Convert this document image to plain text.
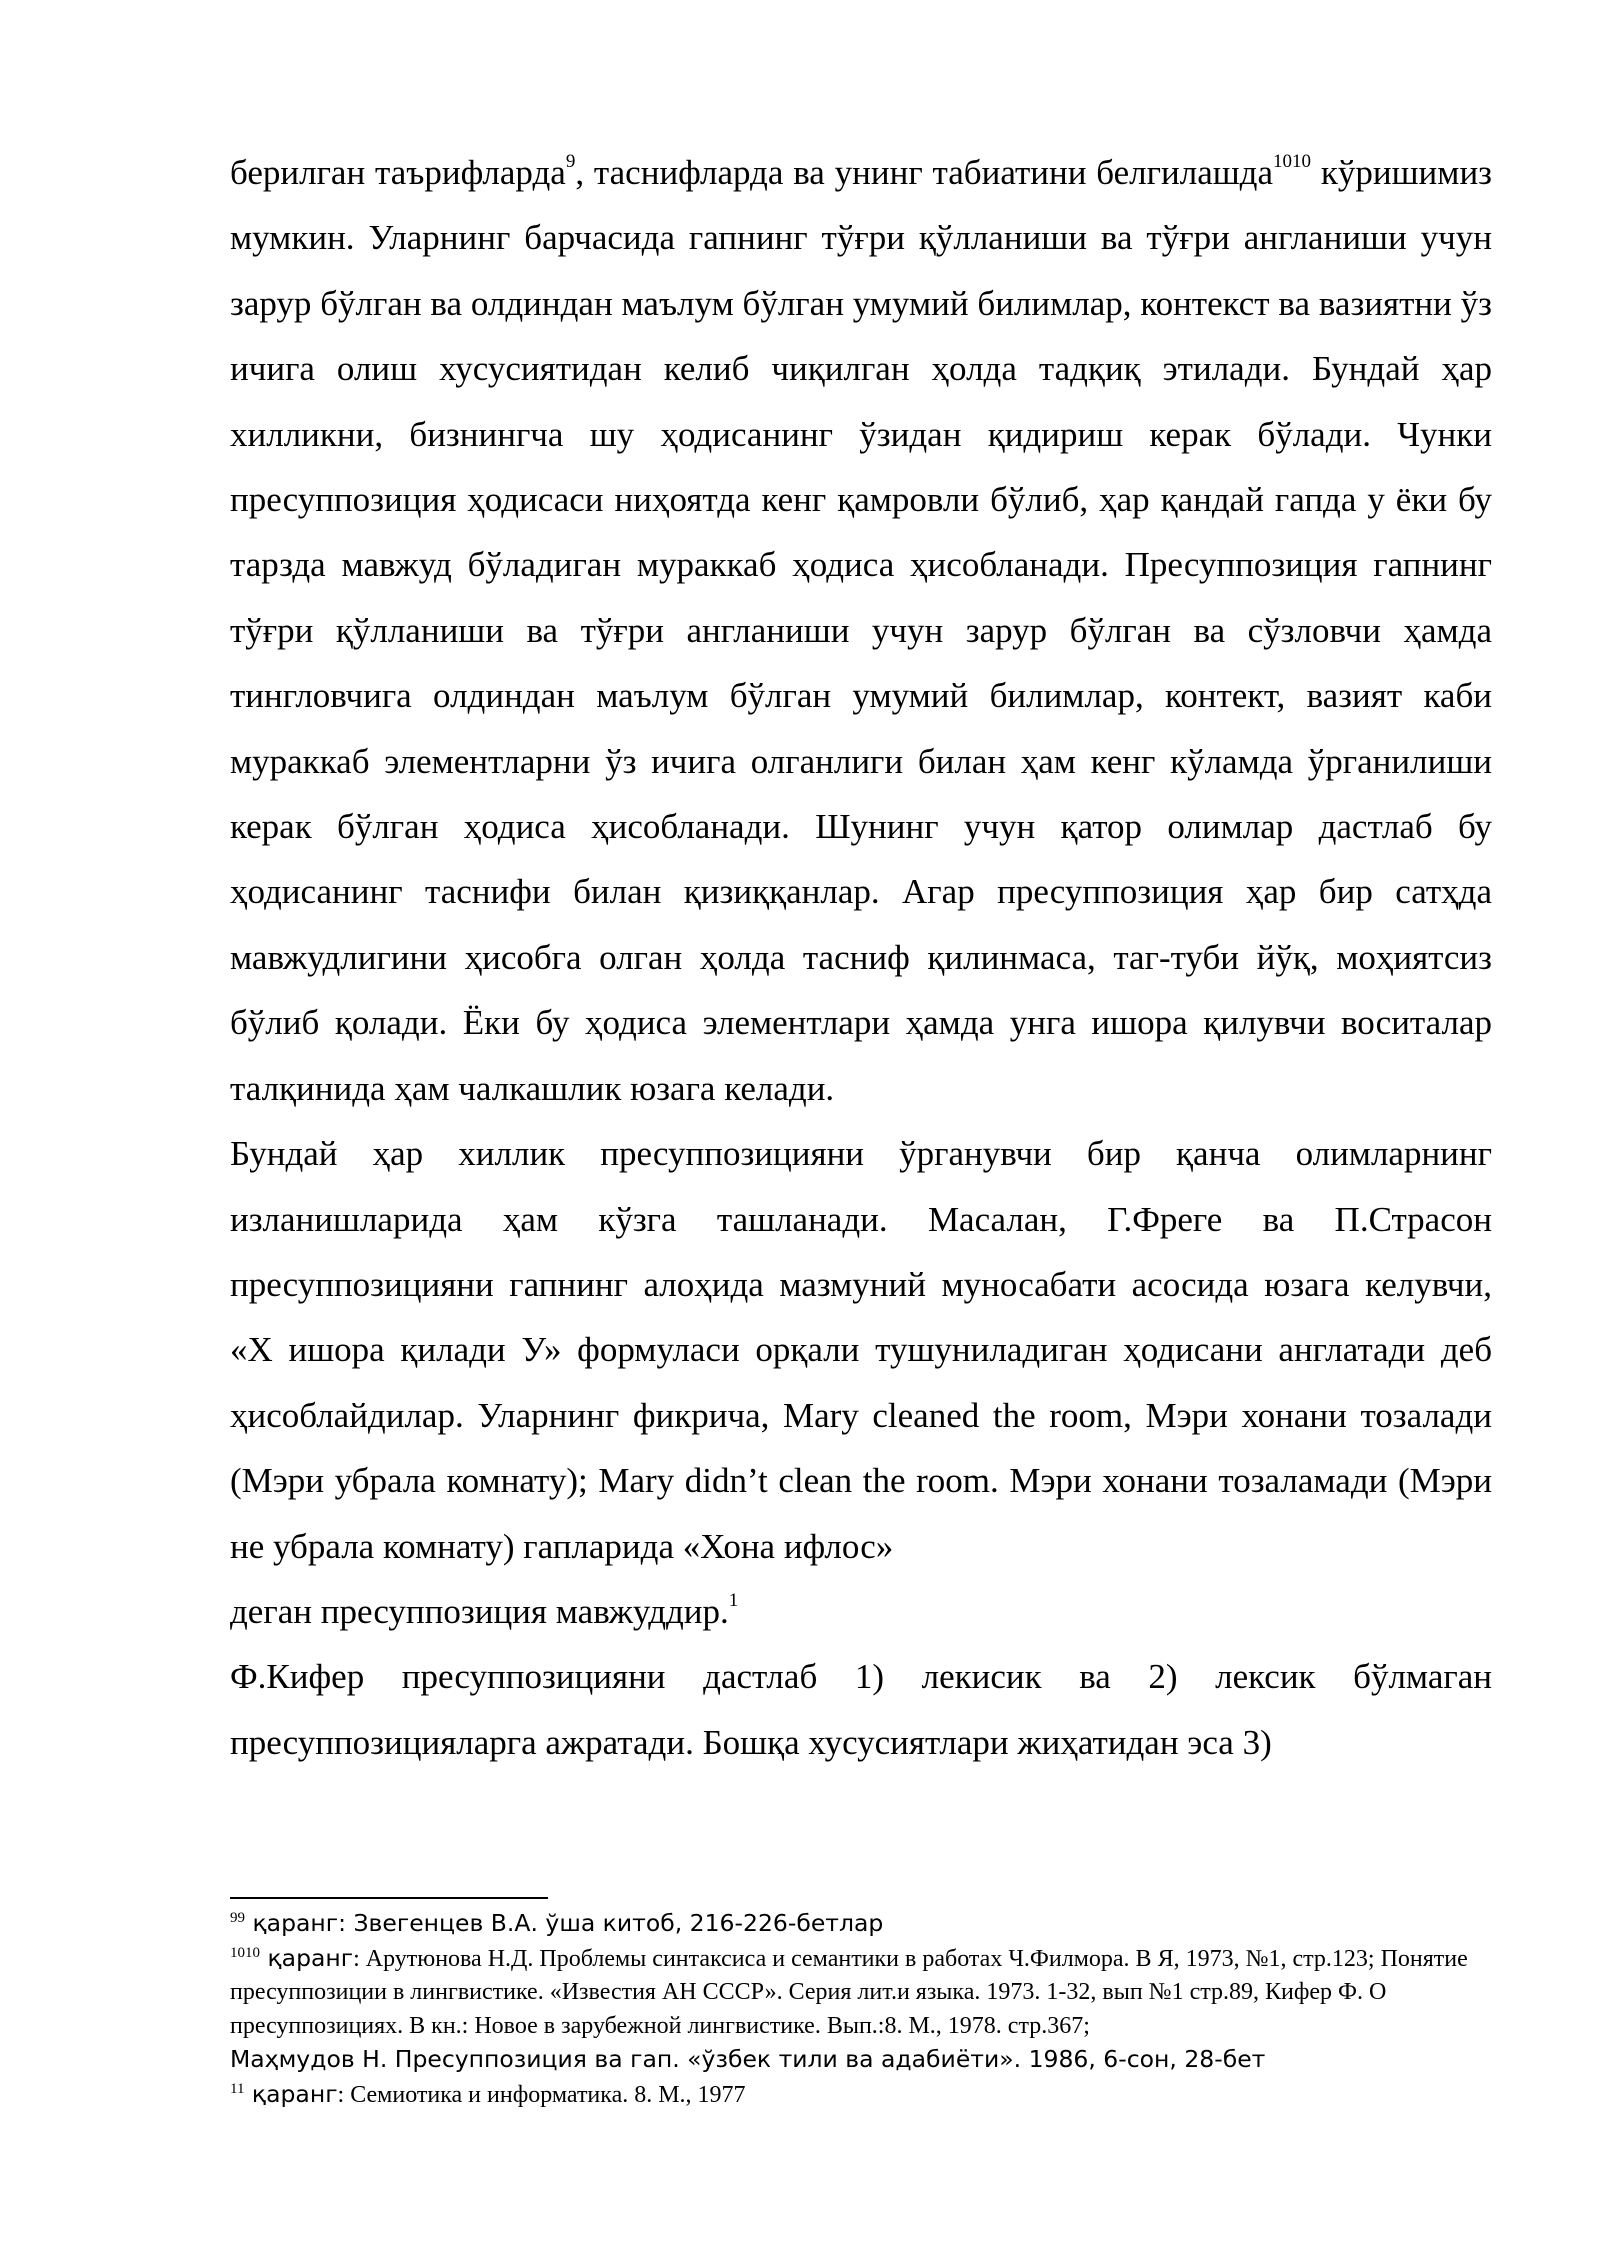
берилган таърифларда$^9$, таснифларда ва унинг табиатини белгилашда$^{1010}$ кўришимиз мумкин. Уларнинг барчасида гапнинг тўғри қўлланиши ва тўғри англаниши учун зарур бўлган ва олдиндан маълум бўлган умумий билимлар, контекст ва вазиятни ўз ичига олиш хусусиятидан келиб чиқилган ҳолда тадқиқ этилади. Бундай ҳар хилликни, бизнингча шу ҳодисанинг ўзидан қидириш керак бўлади. Чунки пресуппозиция ҳодисаси ниҳоятда кенг қамровли бўлиб, ҳар қандай гапда у ёки бу тарзда мавжуд бўладиган мураккаб ҳодиса ҳисобланади. Пресуппозиция гапнинг тўғри қўлланиши ва тўғри англаниши учун зарур бўлган ва сўзловчи ҳамда тингловчига олдиндан маълум бўлган умумий билимлар, контект, вазият каби мураккаб элементларни ўз ичига олганлиги билан ҳам кенг кўламда ўрганилиши керак бўлган ҳодиса ҳисобланади. Шунинг учун қатор олимлар дастлаб бу ҳодисанинг таснифи билан қизиққанлар. Агар пресуппозиция ҳар бир сатҳда мавжудлигини ҳисобга олган ҳолда тасниф қилинмаса, таг-туби йўқ, моҳиятсиз бўлиб қолади. Ёки бу ҳодиса элементлари ҳамда унга ишора қилувчи воситалар талқинида ҳам чалкашлик юзага келади.

Бундай ҳар хиллик пресуппозицияни ўрганувчи бир қанча олимларнинг изланишларида ҳам кўзга ташланади. Масалан, Г.Фреге ва П.Страсон пресуппозицияни гапнинг алоҳида мазмуний муносабати асосида юзага келувчи, «Х ишора қилади У» формуласи орқали тушуниладиган ҳодисани англатади деб ҳисоблайдилар. Уларнинг фикрича, Mary cleaned the room, Мэри хонани тозалади (Мэри убрала комнату); Mary didn’t clean the room. Мэри хонани тозаламади (Мэри не убрала комнату) гапларида «Хона ифлос»
деган пресуппозиция мавжуддир.$^1$

Ф.Кифер пресуппозицияни дастлаб 1) лекисик ва 2) лексик бўлмаган пресуппозицияларга ажратади. Бошқа хусусиятлари жиҳатидан эса 3)

$^{99}$ қаранг: Звегенцев В.А. ўша китоб, 216-226-бетлар

$^{1010}$ қаранг: Арутюнова Н.Д. Проблемы синтаксиса и семантики в работах Ч.Филмора. В Я, 1973, №1, стр.123; Понятие пресуппозиции в лингвистике. «Известия АН СССР». Серия лит.и языка. 1973. 1-32, вып №1 стр.89, Кифер Ф. О пресуппозициях. В кн.: Новое в зарубежной лингвистике. Вып.:8. М., 1978. стр.367;
Маҳмудов Н. Пресуппозиция ва гап. «ўзбек тили ва адабиёти». 1986, 6-сон, 28-бет

$^{11}$ қаранг: Семиотика и информатика. 8. М., 1977
